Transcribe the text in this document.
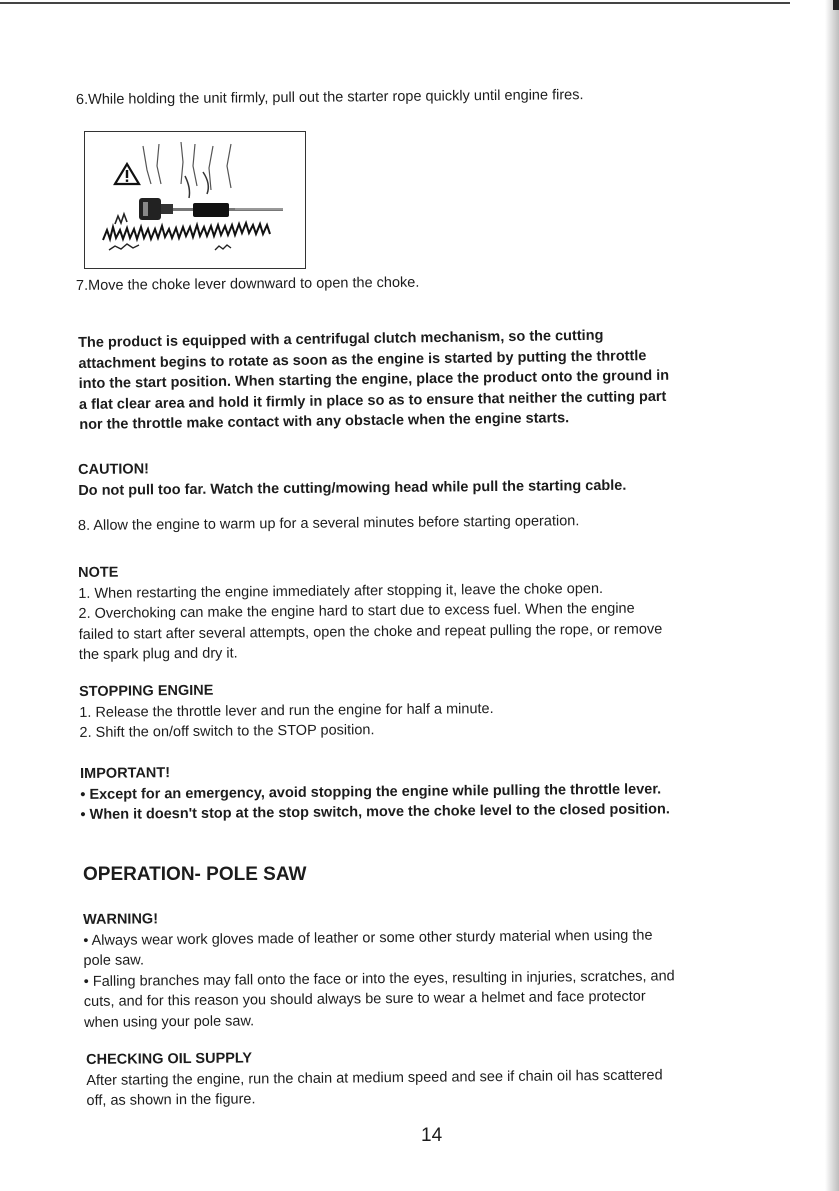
6.While holding the unit firmly, pull out the starter rope quickly until engine fires.

7.Move the choke lever downward to open the choke.

The product is equipped with a centrifugal clutch mechanism, so the cutting

attachment begins to rotate as soon as the engine is started by putting the throttle

into the start position. When starting the engine, place the product onto the ground in

a flat clear area and hold it firmly in place so as to ensure that neither the cutting part

nor the throttle make contact with any obstacle when the engine starts.

CAUTION!

Do not pull too far. Watch the cutting/mowing head while pull the starting cable.

8. Allow the engine to warm up for a several minutes before starting operation.

NOTE

1. When restarting the engine immediately after stopping it, leave the choke open.

2. Overchoking can make the engine hard to start due to excess fuel. When the engine

failed to start after several attempts, open the choke and repeat pulling the rope, or remove

the spark plug and dry it.

STOPPING ENGINE

1. Release the throttle lever and run the engine for half a minute.

2. Shift the on/off switch to the STOP position.

IMPORTANT!

• Except for an emergency, avoid stopping the engine while pulling the throttle lever.

• When it doesn't stop at the stop switch, move the choke level to the closed position.

OPERATION- POLE SAW

WARNING!

• Always wear work gloves made of leather or some other sturdy material when using the

pole saw.

• Falling branches may fall onto the face or into the eyes, resulting in injuries, scratches, and

cuts, and for this reason you should always be sure to wear a helmet and face protector

when using your pole saw.

CHECKING OIL SUPPLY

After starting the engine, run the chain at medium speed and see if chain oil has scattered

off, as shown in the figure.

14
